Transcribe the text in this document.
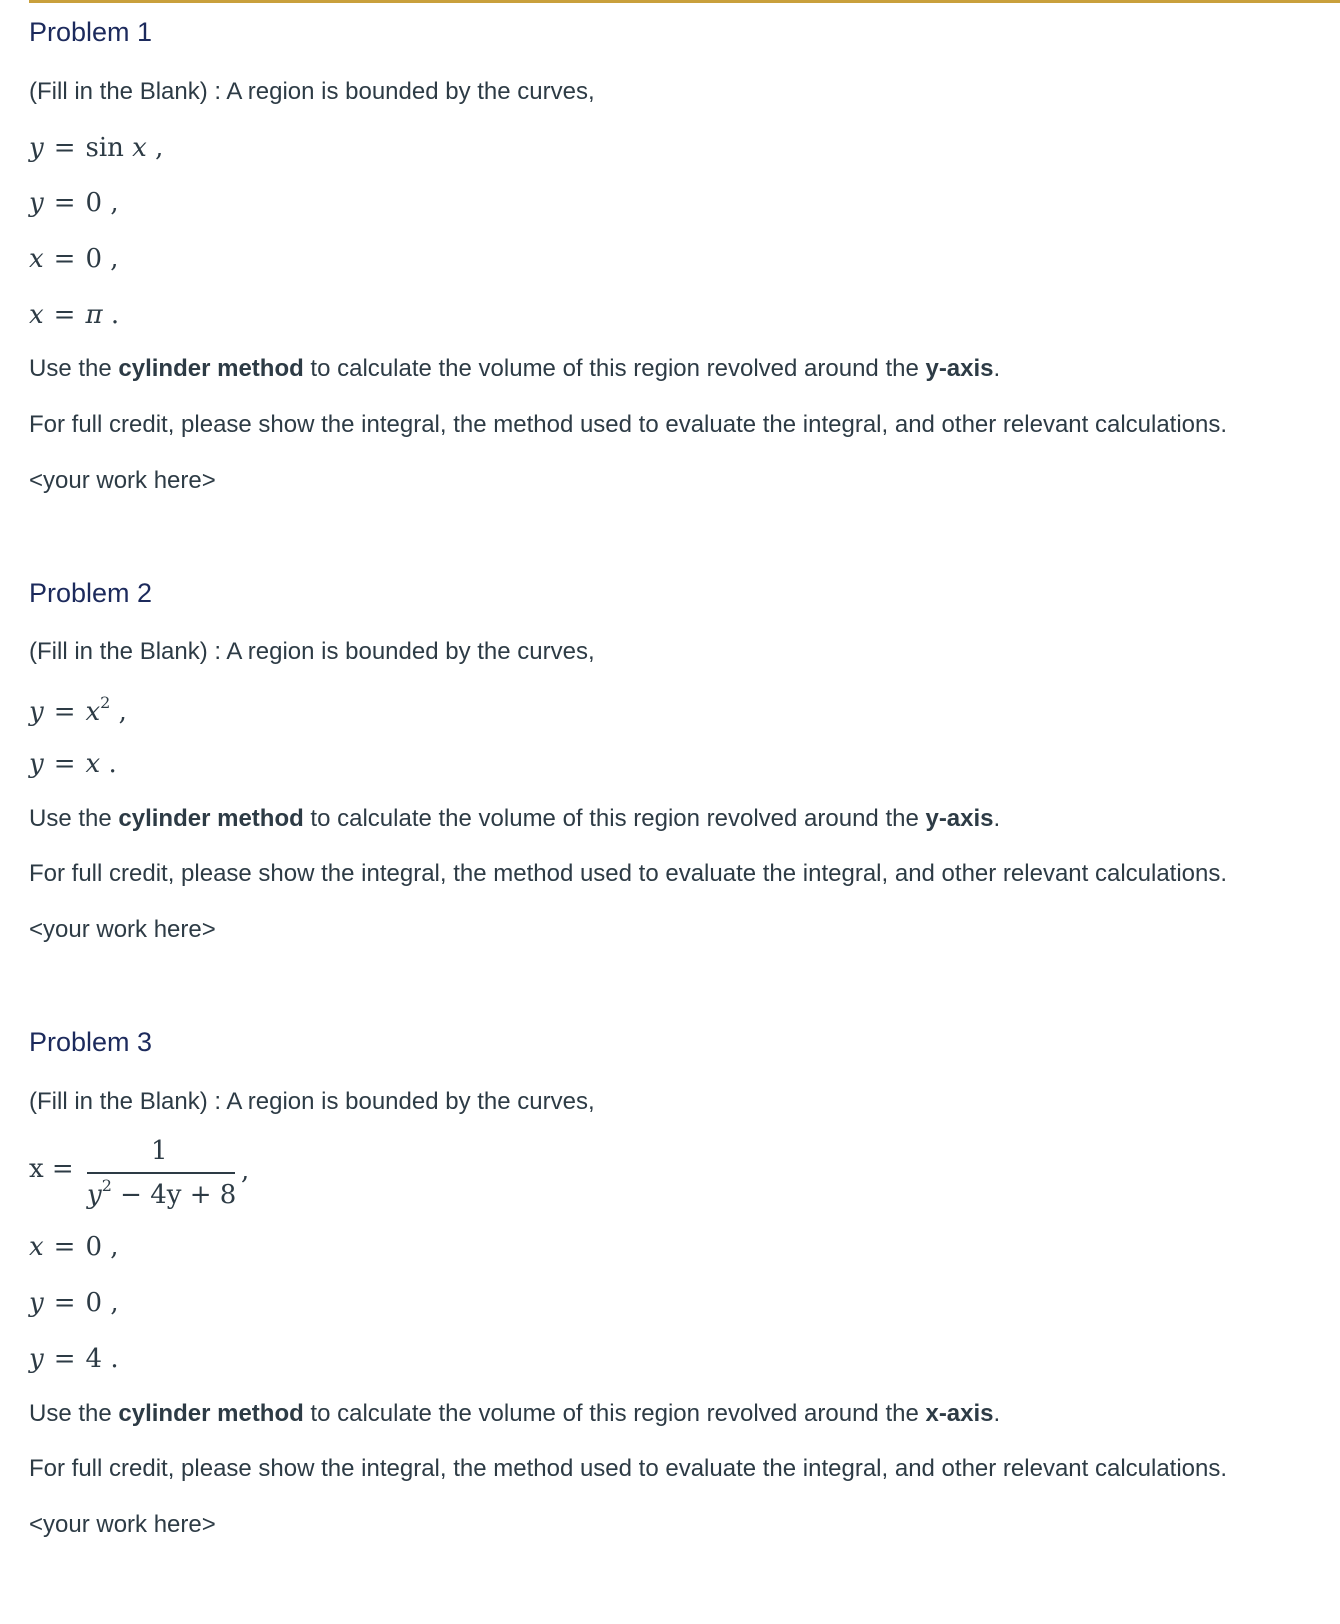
Problem 1
(Fill in the Blank) : A region is bounded by the curves,
y = sin x ,
y = 0 ,
x = 0 ,
x = π .
Use the cylinder method to calculate the volume of this region revolved around the y-axis.
For full credit, please show the integral, the method used to evaluate the integral, and other relevant calculations.
<your work here>
Problem 2
(Fill in the Blank) : A region is bounded by the curves,
$y = x^2$ ,
y = x .
Use the cylinder method to calculate the volume of this region revolved around the y-axis.
For full credit, please show the integral, the method used to evaluate the integral, and other relevant calculations.
<your work here>
Problem 3
(Fill in the Blank) : A region is bounded by the curves,
x =
1
$y^2 - 4y + 8$
,
x = 0 ,
y = 0 ,
y = 4 .
Use the cylinder method to calculate the volume of this region revolved around the x-axis.
For full credit, please show the integral, the method used to evaluate the integral, and other relevant calculations.
<your work here>
